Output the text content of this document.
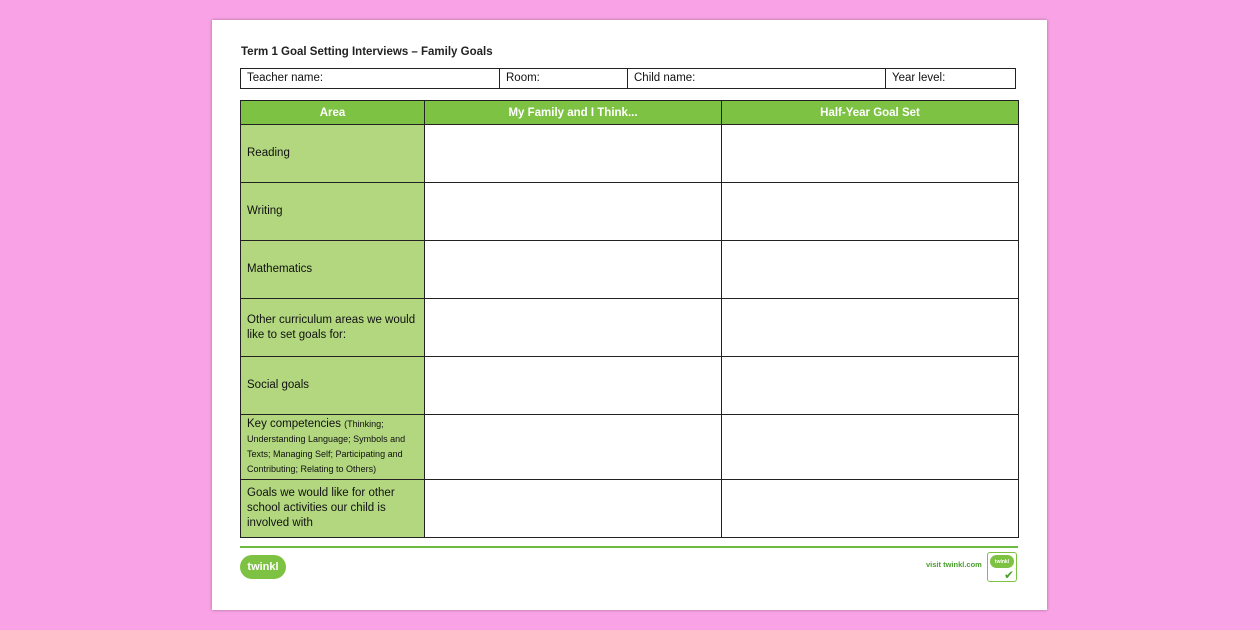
Term 1 Goal Setting Interviews – Family Goals
Teacher name:	Room:	Child name:	Year level:
Area	My Family and I Think...	Half-Year Goal Set
Reading		
Writing		
Mathematics		
Other curriculum areas we would like to set goals for:		
Social goals		
Key competencies (Thinking; Understanding Language; Symbols and Texts; Managing Self; Participating and Contributing; Relating to Others)		
Goals we would like for other school activities our child is involved with		
twinkl	visit twinkl.com	twinkl
✔
